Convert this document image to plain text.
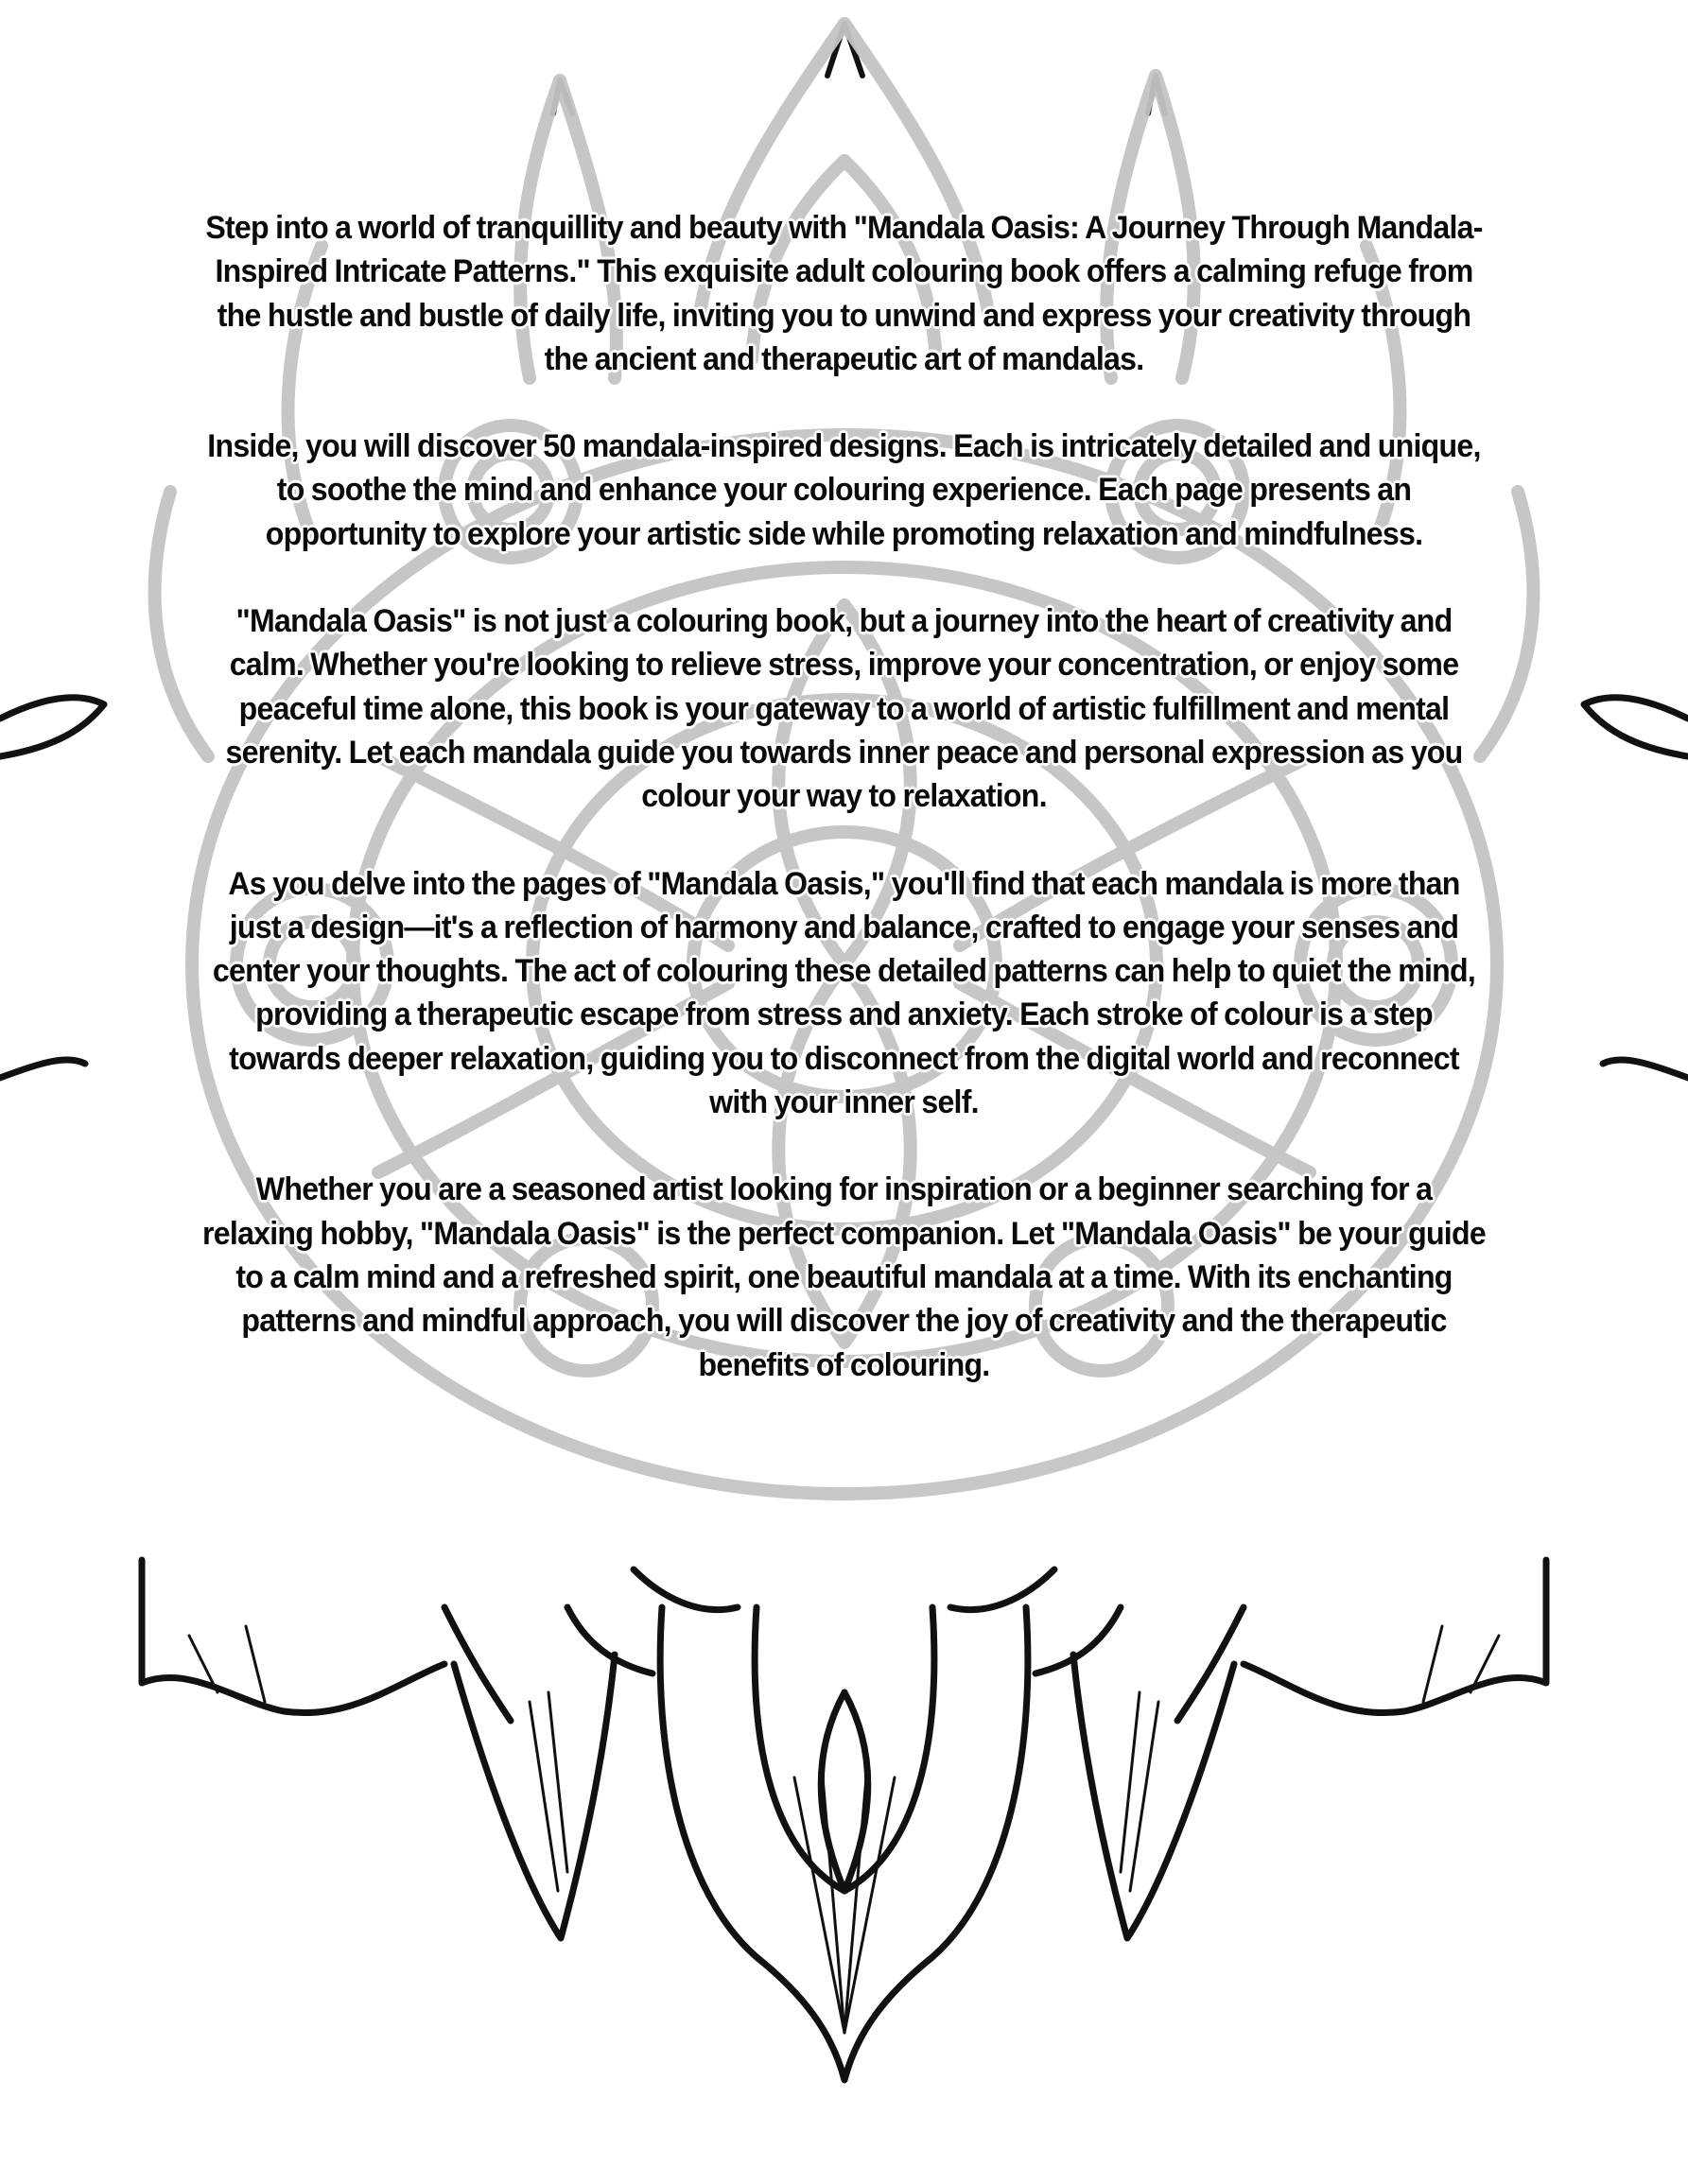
Step into a world of tranquillity and beauty with "Mandala Oasis: A Journey Through Mandala-Inspired Intricate Patterns." This exquisite adult colouring book offers a calming refuge from the hustle and bustle of daily life, inviting you to unwind and express your creativity through the ancient and therapeutic art of mandalas.

Inside, you will discover 50 mandala-inspired designs. Each is intricately detailed and unique, to soothe the mind and enhance your colouring experience. Each page presents an opportunity to explore your artistic side while promoting relaxation and mindfulness.

"Mandala Oasis" is not just a colouring book, but a journey into the heart of creativity and calm. Whether you're looking to relieve stress, improve your concentration, or enjoy some peaceful time alone, this book is your gateway to a world of artistic fulfillment and mental serenity. Let each mandala guide you towards inner peace and personal expression as you colour your way to relaxation.

As you delve into the pages of "Mandala Oasis," you'll find that each mandala is more than just a design—it's a reflection of harmony and balance, crafted to engage your senses and center your thoughts. The act of colouring these detailed patterns can help to quiet the mind, providing a therapeutic escape from stress and anxiety. Each stroke of colour is a step towards deeper relaxation, guiding you to disconnect from the digital world and reconnect with your inner self.

Whether you are a seasoned artist looking for inspiration or a beginner searching for a relaxing hobby, "Mandala Oasis" is the perfect companion. Let "Mandala Oasis" be your guide to a calm mind and a refreshed spirit, one beautiful mandala at a time. With its enchanting patterns and mindful approach, you will discover the joy of creativity and the therapeutic benefits of colouring.
